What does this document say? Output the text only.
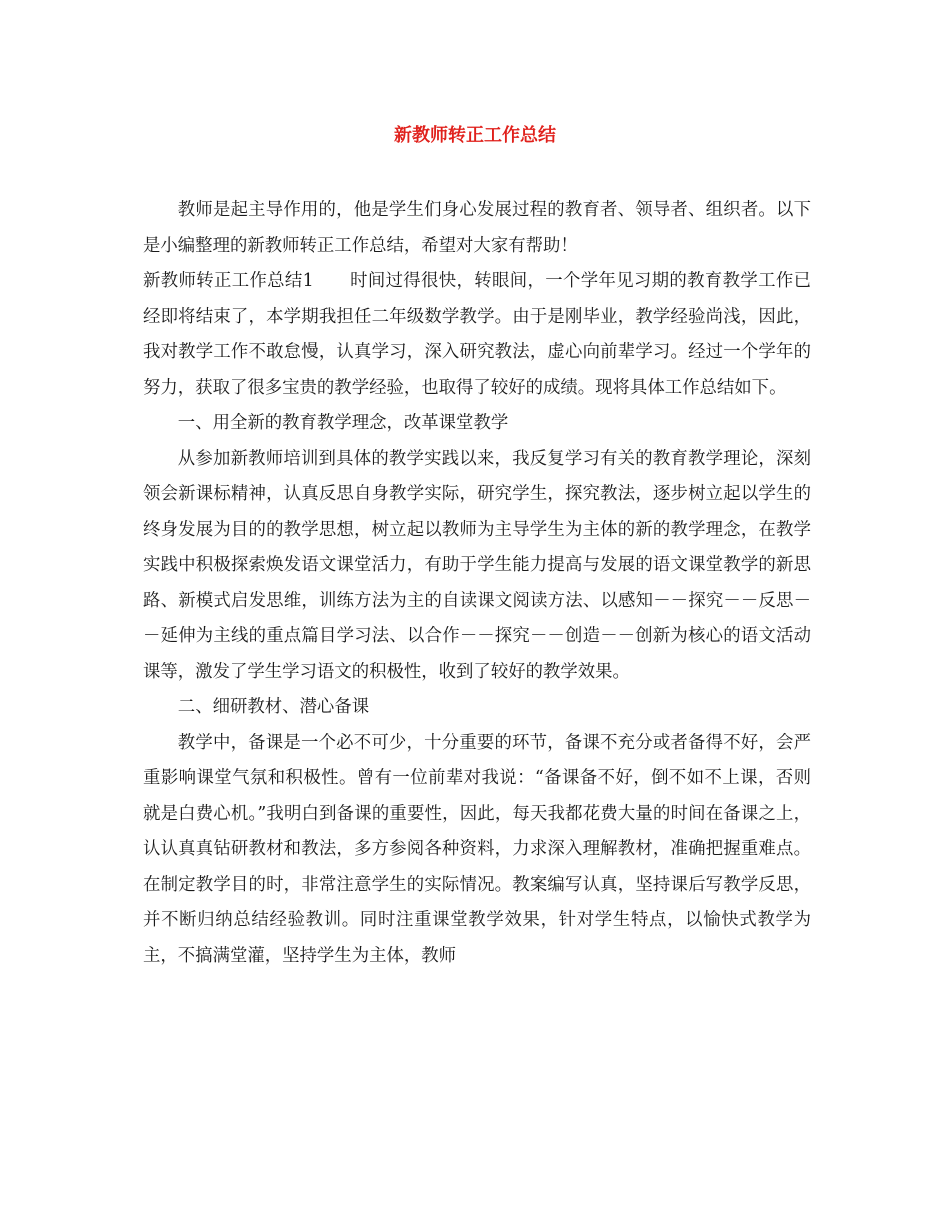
新教师转正工作总结

教师是起主导作用的，他是学生们身心发展过程的教育者、领导者、组织者。以下是小编整理的新教师转正工作总结，希望对大家有帮助！

新教师转正工作总结1 时间过得很快，转眼间，一个学年见习期的教育教学工作已经即将结束了，本学期我担任二年级数学教学。由于是刚毕业，教学经验尚浅，因此，我对教学工作不敢怠慢，认真学习，深入研究教法，虚心向前辈学习。经过一个学年的努力，获取了很多宝贵的教学经验，也取得了较好的成绩。现将具体工作总结如下。

一、用全新的教育教学理念，改革课堂教学

从参加新教师培训到具体的教学实践以来，我反复学习有关的教育教学理论，深刻领会新课标精神，认真反思自身教学实际，研究学生，探究教法，逐步树立起以学生的终身发展为目的的教学思想，树立起以教师为主导学生为主体的新的教学理念，在教学实践中积极探索焕发语文课堂活力，有助于学生能力提高与发展的语文课堂教学的新思路、新模式启发思维，训练方法为主的自读课文阅读方法、以感知－－探究－－反思－－延伸为主线的重点篇目学习法、以合作－－探究－－创造－－创新为核心的语文活动课等，激发了学生学习语文的积极性，收到了较好的教学效果。

二、细研教材、潜心备课

教学中，备课是一个必不可少，十分重要的环节，备课不充分或者备得不好，会严重影响课堂气氛和积极性。曾有一位前辈对我说：“备课备不好，倒不如不上课，否则就是白费心机。”我明白到备课的重要性，因此，每天我都花费大量的时间在备课之上，认认真真钻研教材和教法，多方参阅各种资料，力求深入理解教材，准确把握重难点。在制定教学目的时，非常注意学生的实际情况。教案编写认真，坚持课后写教学反思，并不断归纳总结经验教训。同时注重课堂教学效果，针对学生特点，以愉快式教学为主，不搞满堂灌，坚持学生为主体，教师
